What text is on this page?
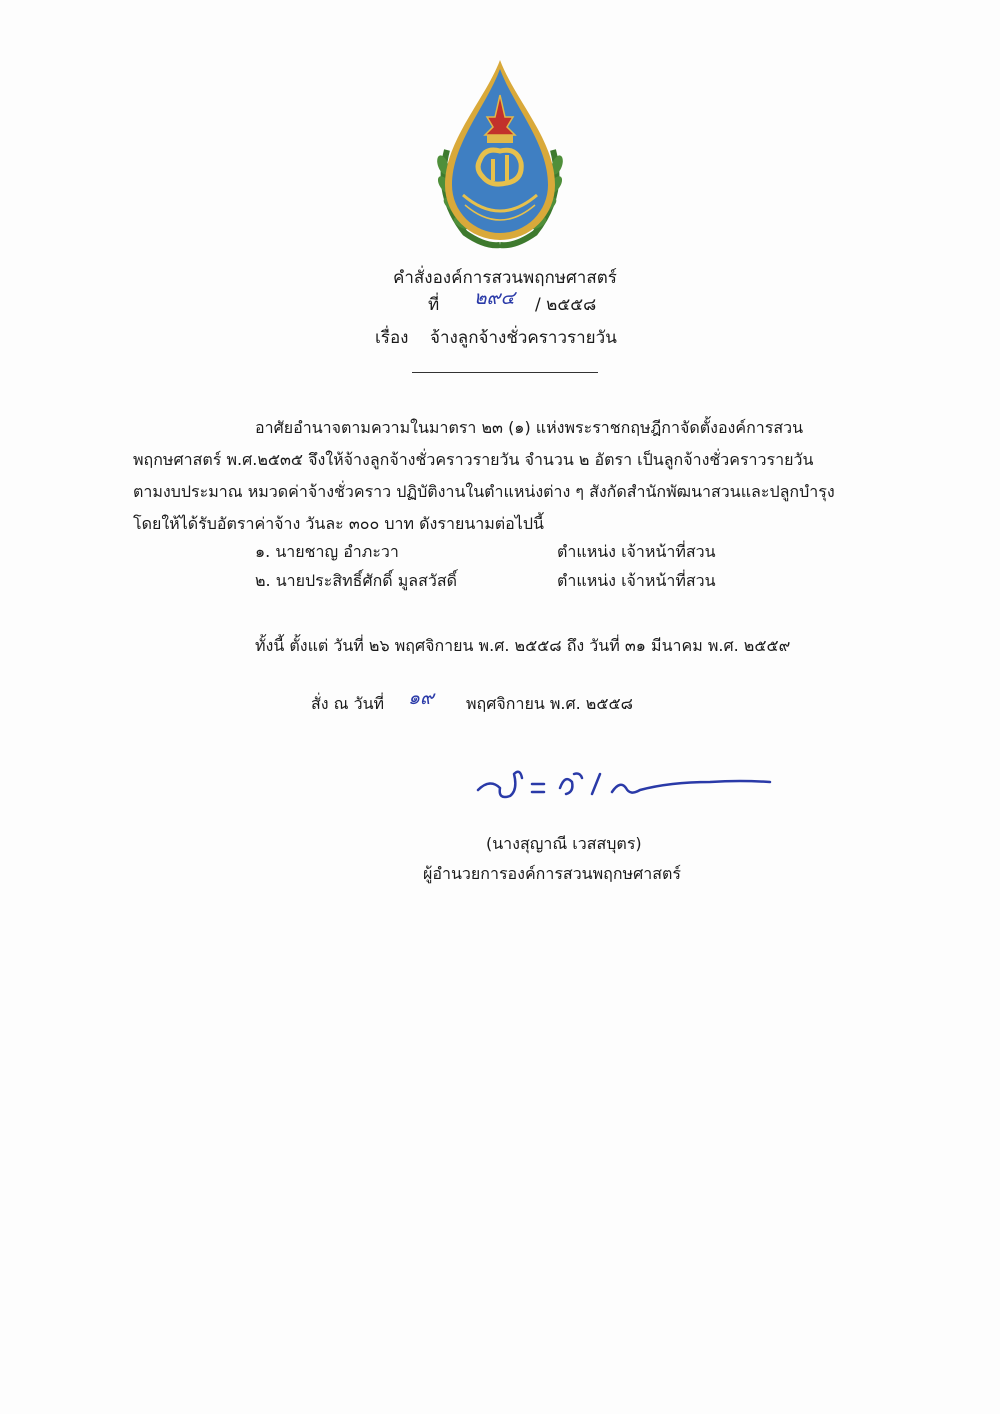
คำสั่งองค์การสวนพฤกษศาสตร์
ที่ ๒๙๔ / ๒๕๕๘
เรื่อง จ้างลูกจ้างชั่วคราวรายวัน
อาศัยอำนาจตามความในมาตรา ๒๓ (๑) แห่งพระราชกฤษฎีกาจัดตั้งองค์การสวน
พฤกษศาสตร์ พ.ศ.๒๕๓๕ จึงให้จ้างลูกจ้างชั่วคราวรายวัน จำนวน ๒ อัตรา เป็นลูกจ้างชั่วคราวรายวัน
ตามงบประมาณ หมวดค่าจ้างชั่วคราว ปฏิบัติงานในตำแหน่งต่าง ๆ สังกัดสำนักพัฒนาสวนและปลูกบำรุง
โดยให้ได้รับอัตราค่าจ้าง วันละ ๓๐๐ บาท ดังรายนามต่อไปนี้
๑. นายชาญ อำภะวา	ตำแหน่ง เจ้าหน้าที่สวน
๒. นายประสิทธิ์ศักดิ์ มูลสวัสดิ์	ตำแหน่ง เจ้าหน้าที่สวน
ทั้งนี้ ตั้งแต่ วันที่ ๒๖ พฤศจิกายน พ.ศ. ๒๕๕๘ ถึง วันที่ ๓๑ มีนาคม พ.ศ. ๒๕๕๙
สั่ง ณ วันที่ ๑๙ พฤศจิกายน พ.ศ. ๒๕๕๘
(นางสุญาณี เวสสบุตร)
ผู้อำนวยการองค์การสวนพฤกษศาสตร์
